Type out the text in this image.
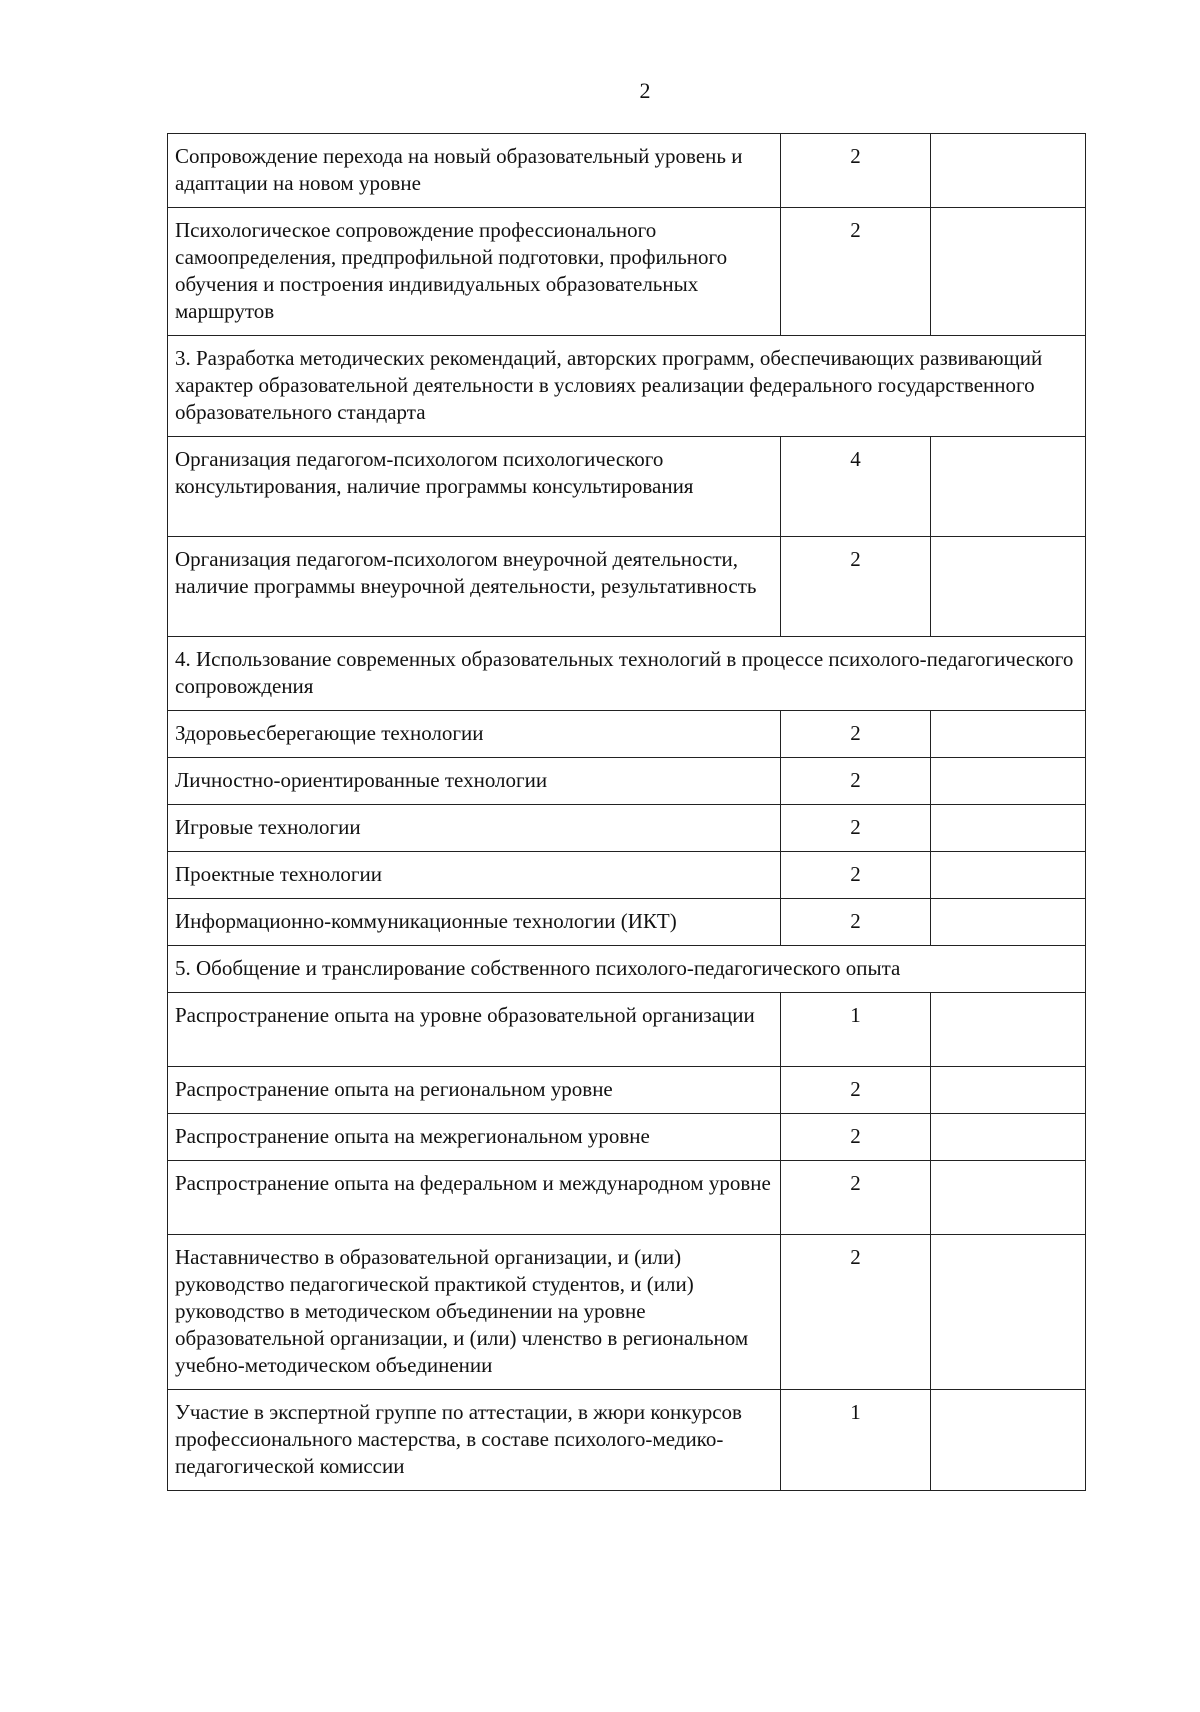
2
Сопровождение перехода на новый образовательный уровень и адаптации на новом уровне	2	
Психологическое сопровождение профессионального самоопределения, предпрофильной подготовки, профильного обучения и построения индивидуальных образовательных маршрутов	2	
3. Разработка методических рекомендаций, авторских программ, обеспечивающих развивающий характер образовательной деятельности в условиях реализации федерального государственного образовательного стандарта		
Организация педагогом-психологом психологического консультирования, наличие программы консультирования	4	
Организация педагогом-психологом внеурочной деятельности, наличие программы внеурочной деятельности, результативность	2	
4. Использование современных образовательных технологий в процессе психолого-педагогического сопровождения		
Здоровьесберегающие технологии	2	
Личностно-ориентированные технологии	2	
Игровые технологии	2	
Проектные технологии	2	
Информационно-коммуникационные технологии (ИКТ)	2	
5. Обобщение и транслирование собственного психолого-педагогического опыта		
Распространение опыта на уровне образовательной организации	1	
Распространение опыта на региональном уровне	2	
Распространение опыта на межрегиональном уровне	2	
Распространение опыта на федеральном и международном уровне	2	
Наставничество в образовательной организации, и (или) руководство педагогической практикой студентов, и (или) руководство в методическом объединении на уровне образовательной организации, и (или) членство в региональном учебно-методическом объединении	2	
Участие в экспертной группе по аттестации, в жюри конкурсов профессионального мастерства, в составе психолого-медико-педагогической комиссии	1	
